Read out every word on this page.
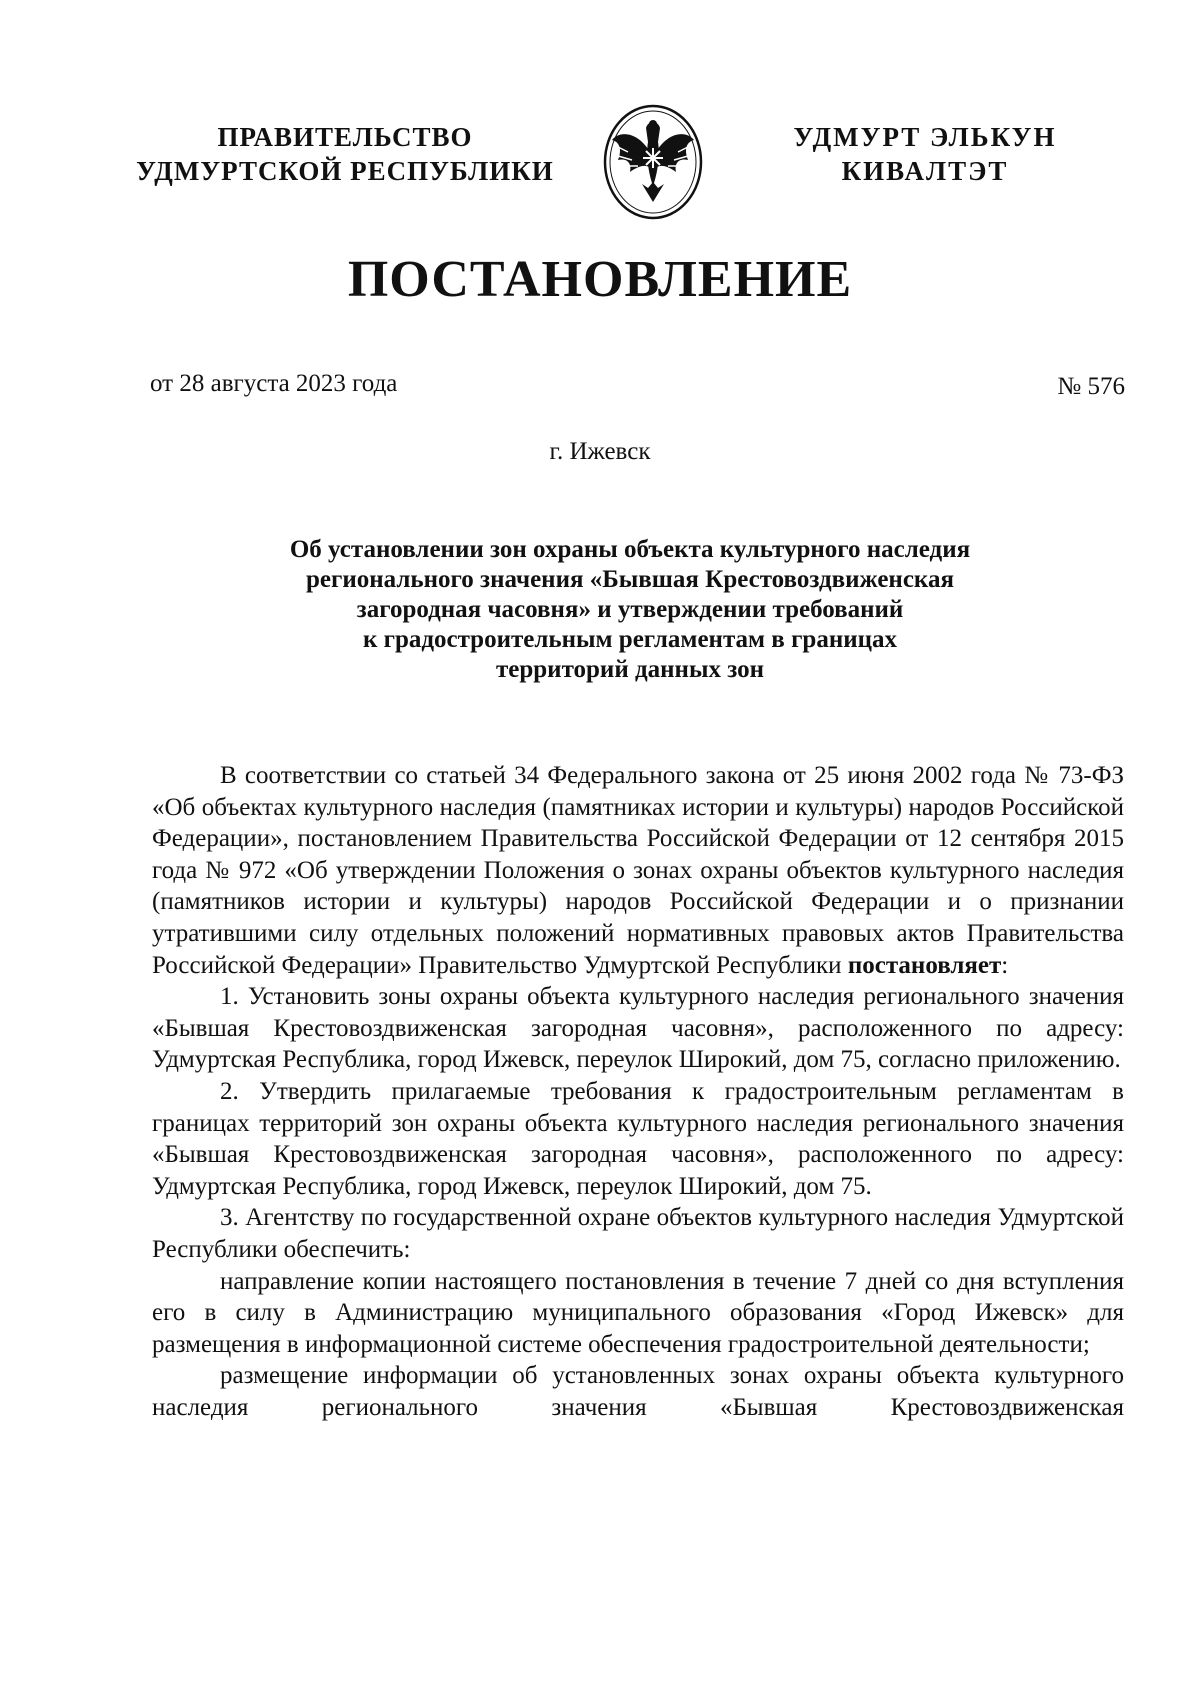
ПРАВИТЕЛЬСТВО
УДМУРТСКОЙ РЕСПУБЛИКИ
УДМУРТ ЭЛЬКУН
КИВАЛТЭТ
ПОСТАНОВЛЕНИЕ
от 28 августа 2023 года	№ 576
г. Ижевск
Об установлении зон охраны объекта культурного наследия
регионального значения «Бывшая Крестовоздвиженская
загородная часовня» и утверждении требований
к градостроительным регламентам в границах
территорий данных зон

В соответствии со статьей 34 Федерального закона от 25 июня 2002 года № 73-ФЗ «Об объектах культурного наследия (памятниках истории и культуры) народов Российской Федерации», постановлением Правительства Российской Федерации от 12 сентября 2015 года № 972 «Об утверждении Положения о зонах охраны объектов культурного наследия (памятников истории и культуры) народов Российской Федерации и о признании утратившими силу отдельных положений нормативных правовых актов Правительства Российской Федерации» Правительство Удмуртской Республики постановляет:

1. Установить зоны охраны объекта культурного наследия регионального значения «Бывшая Крестовоздвиженская загородная часовня», расположенного по адресу: Удмуртская Республика, город Ижевск, переулок Широкий, дом 75, согласно приложению.

2. Утвердить прилагаемые требования к градостроительным регламентам в границах территорий зон охраны объекта культурного наследия регионального значения «Бывшая Крестовоздвиженская загородная часовня», расположенного по адресу: Удмуртская Республика, город Ижевск, переулок Широкий, дом 75.

3. Агентству по государственной охране объектов культурного наследия Удмуртской Республики обеспечить:

направление копии настоящего постановления в течение 7 дней со дня вступления его в силу в Администрацию муниципального образования «Город Ижевск» для размещения в информационной системе обеспечения градостроительной деятельности;

размещение информации об установленных зонах охраны объекта культурного наследия регионального значения «Бывшая Крестовоздвиженская
